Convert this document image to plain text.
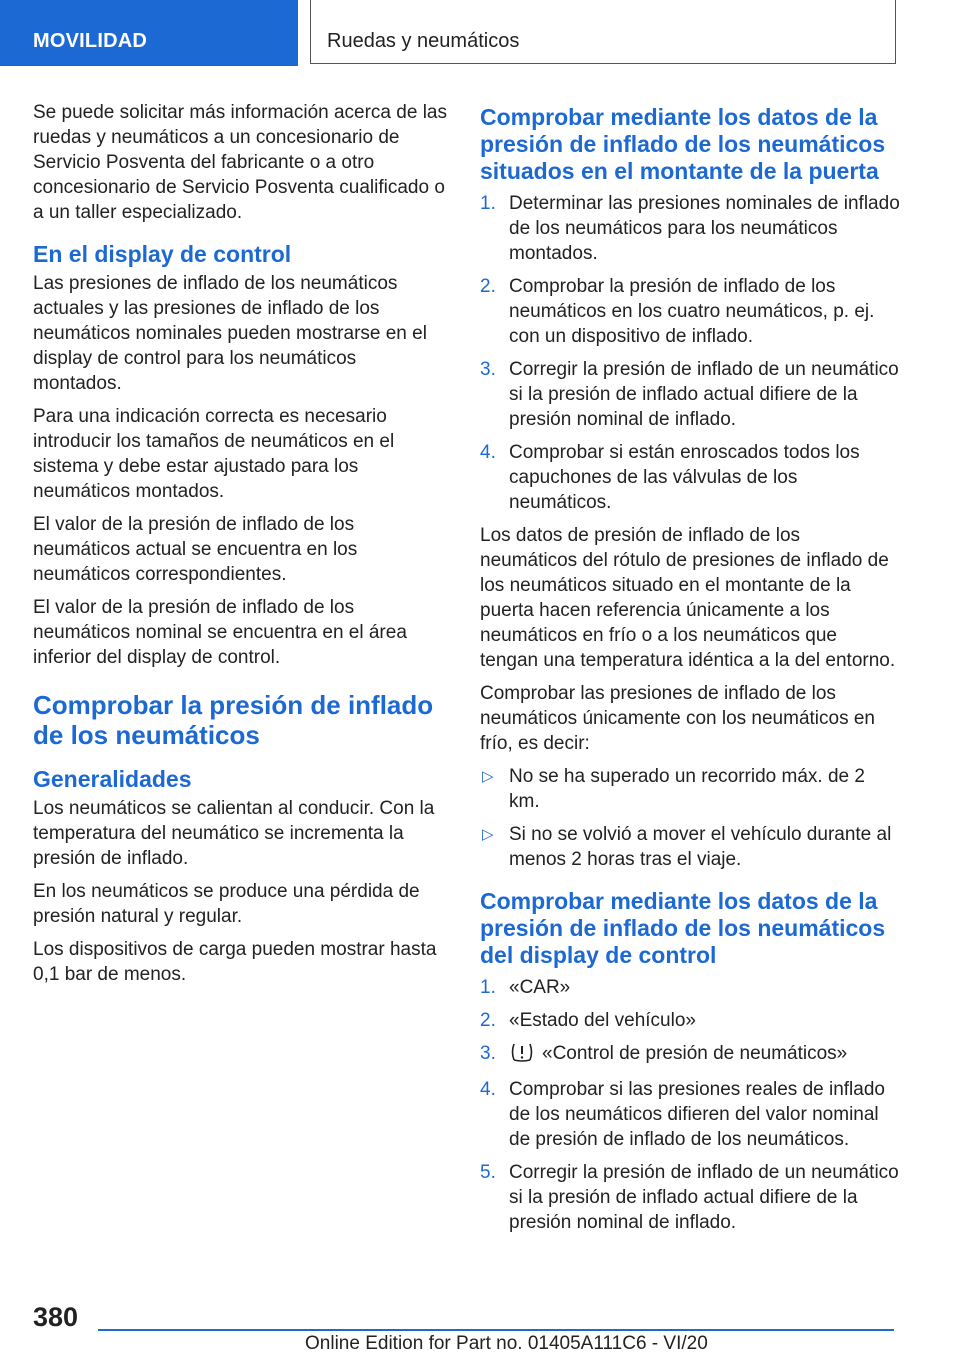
MOVILIDAD	Ruedas y neumáticos

Se puede solicitar más información acerca de las ruedas y neumáticos a un concesionario de Servicio Posventa del fabricante o a otro concesionario de Servicio Posventa cualificado o a un taller especializado.

En el display de control

Las presiones de inflado de los neumáticos actuales y las presiones de inflado de los neumáticos nominales pueden mostrarse en el display de control para los neumáticos montados.

Para una indicación correcta es necesario introducir los tamaños de neumáticos en el sistema y debe estar ajustado para los neumáticos montados.

El valor de la presión de inflado de los neumáticos actual se encuentra en los neumáticos correspondientes.

El valor de la presión de inflado de los neumáticos nominal se encuentra en el área inferior del display de control.

Comprobar la presión de inflado de los neumáticos
Generalidades

Los neumáticos se calientan al conducir. Con la temperatura del neumático se incrementa la presión de inflado.

En los neumáticos se produce una pérdida de presión natural y regular.

Los dispositivos de carga pueden mostrar hasta 0,1 bar de menos.

Comprobar mediante los datos de la presión de inflado de los neumáticos situados en el montante de la puerta
1. Determinar las presiones nominales de inflado de los neumáticos para los neumáticos montados.
2. Comprobar la presión de inflado de los neumáticos en los cuatro neumáticos, p. ej. con un dispositivo de inflado.
3. Corregir la presión de inflado de un neumático si la presión de inflado actual difiere de la presión nominal de inflado.
4. Comprobar si están enroscados todos los capuchones de las válvulas de los neumáticos.

Los datos de presión de inflado de los neumáticos del rótulo de presiones de inflado de los neumáticos situado en el montante de la puerta hacen referencia únicamente a los neumáticos en frío o a los neumáticos que tengan una temperatura idéntica a la del entorno.

Comprobar las presiones de inflado de los neumáticos únicamente con los neumáticos en frío, es decir:

▷ No se ha superado un recorrido máx. de 2 km.
▷ Si no se volvió a mover el vehículo durante al menos 2 horas tras el viaje.
Comprobar mediante los datos de la presión de inflado de los neumáticos del display de control
1. «CAR»
2. «Estado del vehículo»
3. «Control de presión de neumáticos»
4. Comprobar si las presiones reales de inflado de los neumáticos difieren del valor nominal de presión de inflado de los neumáticos.
5. Corregir la presión de inflado de un neumático si la presión de inflado actual difiere de la presión nominal de inflado.
380
Online Edition for Part no. 01405A111C6 - VI/20
